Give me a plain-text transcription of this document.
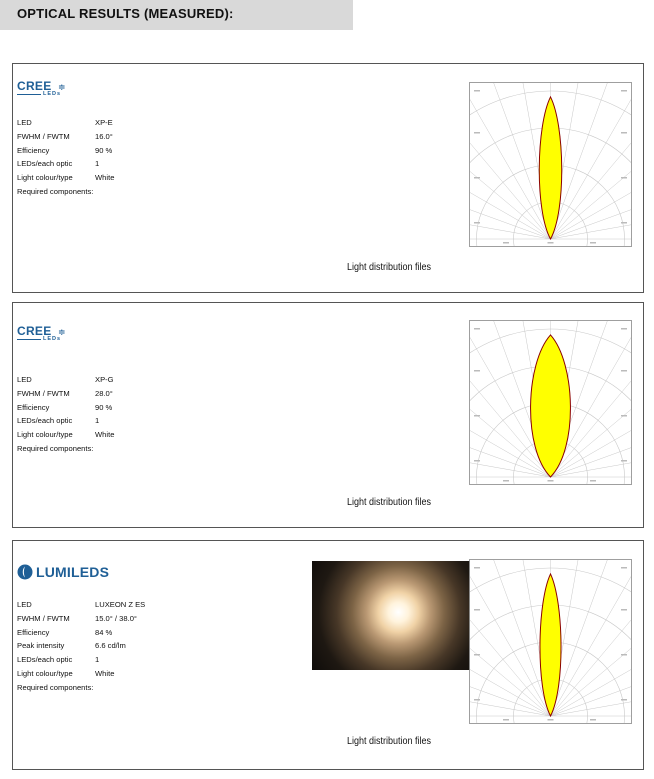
OPTICAL RESULTS (MEASURED):
CREE ≑
LEDs
LED	XP-E
FWHM / FWTM	16.0°
Efficiency	90 %
LEDs/each optic	1
Light colour/type	White
Required components:
Light distribution files
CREE ≑
LEDs
LED	XP-G
FWHM / FWTM	28.0°
Efficiency	90 %
LEDs/each optic	1
Light colour/type	White
Required components:
Light distribution files
LUMILEDS
LED	LUXEON Z ES
FWHM / FWTM	15.0° / 38.0°
Efficiency	84 %
Peak intensity	6.6 cd/lm
LEDs/each optic	1
Light colour/type	White
Required components:
Light distribution files
